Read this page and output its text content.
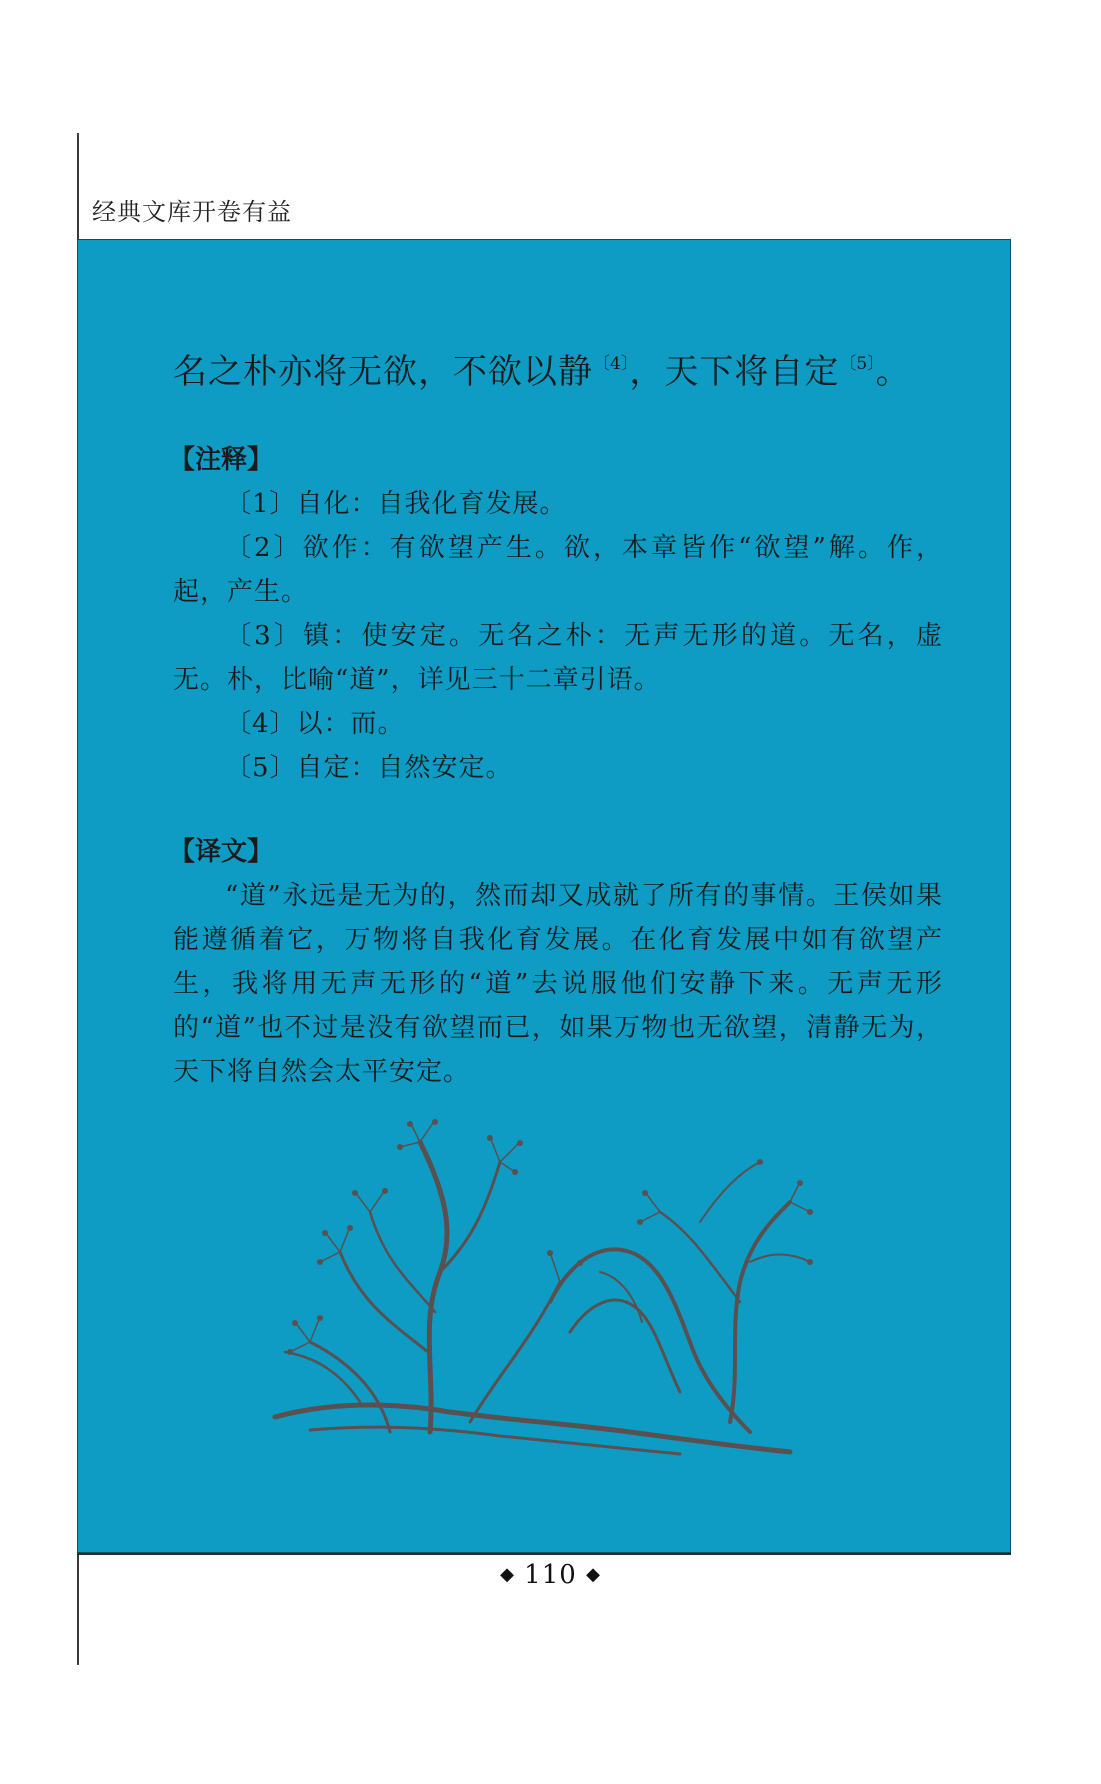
经典文库开卷有益

名之朴亦将无欲，不欲以静$^{〔4〕}$，天下将自定$^{〔5〕}$。

【注释】

〔1〕自化：自我化育发展。

〔2〕欲作：有欲望产生。欲，本章皆作“欲望”解。作，起，产生。

〔3〕镇：使安定。无名之朴：无声无形的道。无名，虚无。朴，比喻“道”，详见三十二章引语。

〔4〕以：而。

〔5〕自定：自然安定。

【译文】

“道”永远是无为的，然而却又成就了所有的事情。王侯如果能遵循着它，万物将自我化育发展。在化育发展中如有欲望产生，我将用无声无形的“道”去说服他们安静下来。无声无形的“道”也不过是没有欲望而已，如果万物也无欲望，清静无为，天下将自然会太平安定。

◆ 110 ◆
